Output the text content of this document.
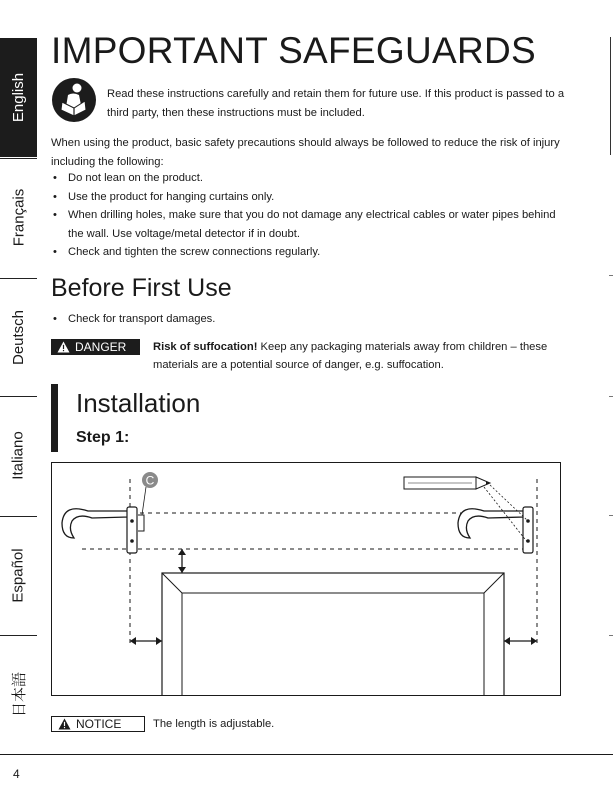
English
Français
Deutsch
Italiano
Español
日本語
IMPORTANT SAFEGUARDS

Read these instructions carefully and retain them for future use. If this product is passed to a third party, then these instructions must be included.

When using the product, basic safety precautions should always be followed to reduce the risk of injury including the following:

• Do not lean on the product.
• Use the product for hanging curtains only.
• When drilling holes, make sure that you do not damage any electrical cables or water pipes behind the wall. Use voltage/metal detector if in doubt.
• Check and tighten the screw connections regularly.
Before First Use
• Check for transport damages.
DANGER Risk of suffocation! Keep any packaging materials away from children – these materials are a potential source of danger, e.g. suffocation.

Installation
Step 1:
C
NOTICE	The length is adjustable.
4
